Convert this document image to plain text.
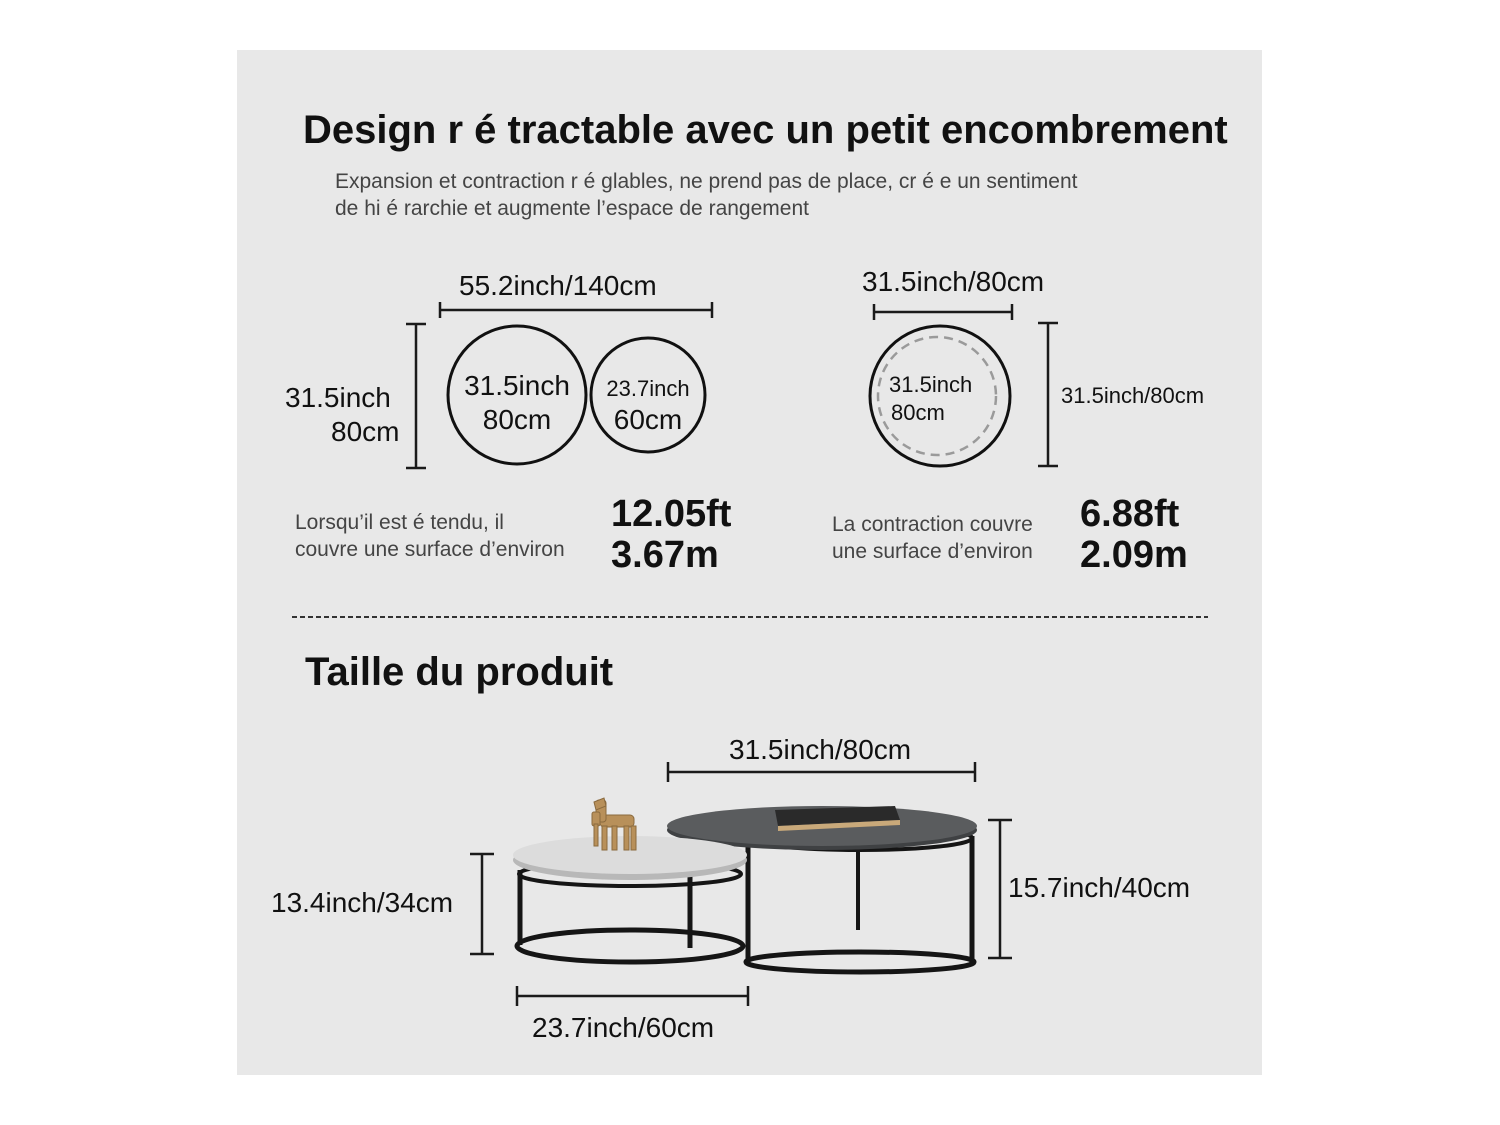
Design r é tractable avec un petit encombrement
Expansion et contraction r é glables, ne prend pas de place, cr é e un sentiment
de hi é rarchie et augmente l’espace de rangement
55.2inch/140cm
31.5inch
80cm
31.5inch
80cm
23.7inch
60cm
Lorsqu’il est é tendu, il
couvre une surface d’environ
12.05ft
3.67m
31.5inch/80cm
31.5inch/80cm
31.5inch
80cm
La contraction couvre
une surface d’environ
6.88ft
2.09m
Taille du produit
31.5inch/80cm
13.4inch/34cm	15.7inch/40cm
23.7inch/60cm
